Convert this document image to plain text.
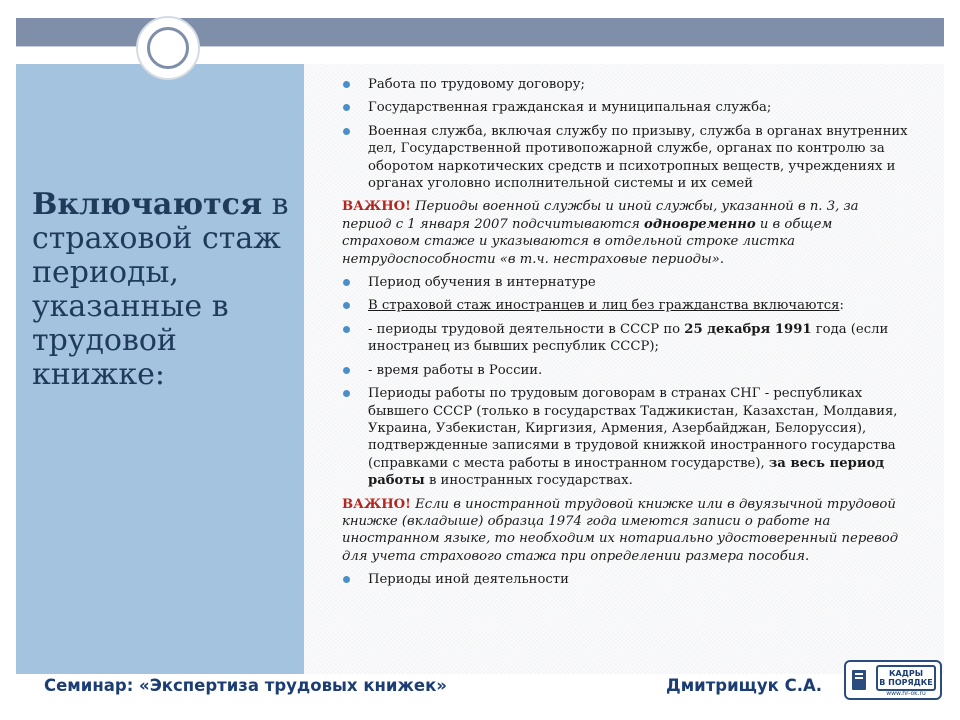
Включаются в страховой стаж периоды, указанные в трудовой книжке:
Работа по трудовому договору;
Государственная гражданская и муниципальная служба;
Военная служба, включая службу по призыву, служба в органах внутренних дел, Государственной противопожарной службе, органах по контролю за оборотом наркотических средств и психотропных веществ, учреждениях и органах уголовно исполнительной системы и их семей
ВАЖНО! Периоды военной службы и иной службы, указанной в п. 3, за период с 1 января 2007 подсчитываются одновременно и в общем страховом стаже и указываются в отдельной строке листка нетрудоспособности «в т.ч. нестраховые периоды».
Период обучения в интернатуре
В страховой стаж иностранцев и лиц без гражданства включаются:
- периоды трудовой деятельности в СССР по 25 декабря 1991 года (если иностранец из бывших республик СССР);
- время работы в России.
Периоды работы по трудовым договорам в странах СНГ - республиках бывшего СССР (только в государствах Таджикистан, Казахстан, Молдавия, Украина, Узбекистан, Киргизия, Армения, Азербайджан, Белоруссия), подтвержденные записями в трудовой книжкой иностранного государства (справками с места работы в иностранном государстве), за весь период работы в иностранных государствах.
ВАЖНО! Если в иностранной трудовой книжке или в двуязычной трудовой книжке (вкладыше) образца 1974 года имеются записи о работе на иностранном языке, то необходим их нотариально удостоверенный перевод для учета страхового стажа при определении размера пособия.
Периоды иной деятельности
Семинар: «Экспертиза трудовых книжек»	Дмитрищук С.А.
КАДРЫ
В ПОРЯДКЕ
www.hr-ok.ru
